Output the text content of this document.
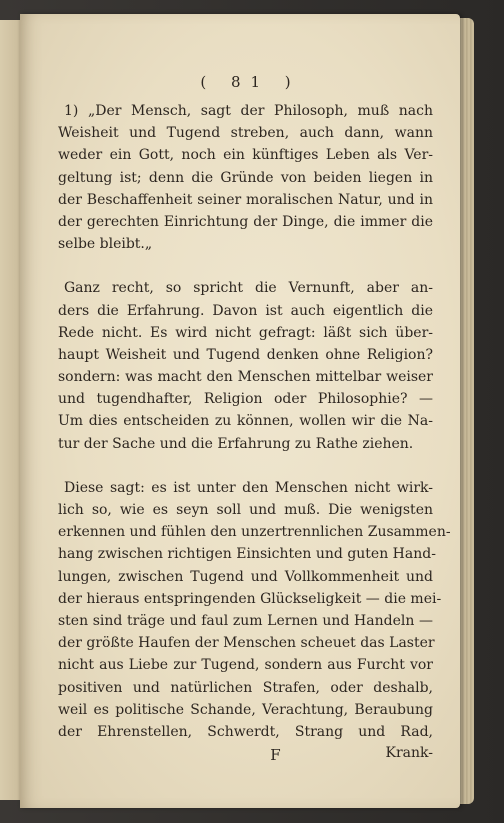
( 81 )
1) „Der Mensch, sagt der Philosoph, muß nach
Weisheit und Tugend streben, auch dann, wann
weder ein Gott, noch ein künftiges Leben als Ver-
geltung ist; denn die Gründe von beiden liegen in
der Beschaffenheit seiner moralischen Natur, und in
der gerechten Einrichtung der Dinge, die immer die
selbe bleibt.„
Ganz recht, so spricht die Vernunft, aber an-
ders die Erfahrung. Davon ist auch eigentlich die
Rede nicht. Es wird nicht gefragt: läßt sich über-
haupt Weisheit und Tugend denken ohne Religion?
sondern: was macht den Menschen mittelbar weiser
und tugendhafter, Religion oder Philosophie? —
Um dies entscheiden zu können, wollen wir die Na-
tur der Sache und die Erfahrung zu Rathe ziehen.
Diese sagt: es ist unter den Menschen nicht wirk-
lich so, wie es seyn soll und muß. Die wenigsten
erkennen und fühlen den unzertrennlichen Zusammen-
hang zwischen richtigen Einsichten und guten Hand-
lungen, zwischen Tugend und Vollkommenheit und
der hieraus entspringenden Glückseligkeit — die mei-
sten sind träge und faul zum Lernen und Handeln —
der größte Haufen der Menschen scheuet das Laster
nicht aus Liebe zur Tugend, sondern aus Furcht vor
positiven und natürlichen Strafen, oder deshalb,
weil es politische Schande, Verachtung, Beraubung
der Ehrenstellen, Schwerdt, Strang und Rad,
F	Krank-
